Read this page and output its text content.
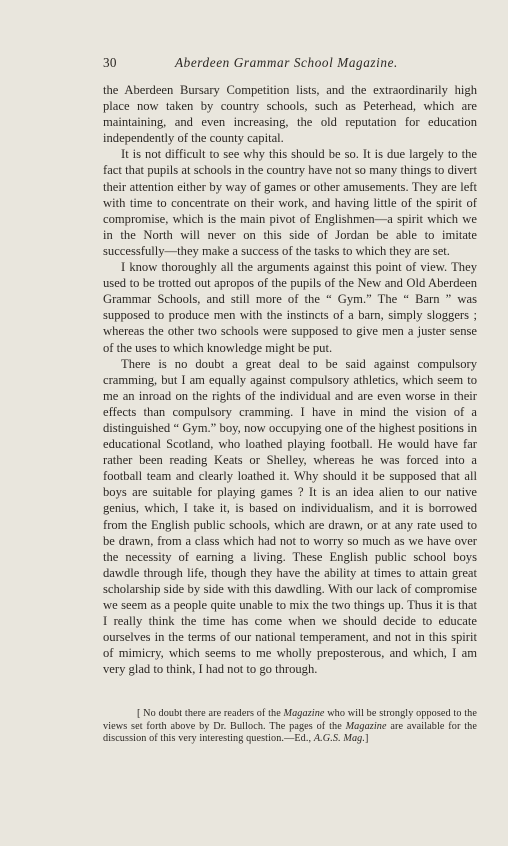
30	Aberdeen Grammar School Magazine.

the Aberdeen Bursary Competition lists, and the extraordinarily high place now taken by country schools, such as Peterhead, which are maintaining, and even increasing, the old reputation for education independently of the county capital.

It is not difficult to see why this should be so. It is due largely to the fact that pupils at schools in the country have not so many things to divert their attention either by way of games or other amusements. They are left with time to concentrate on their work, and having little of the spirit of compromise, which is the main pivot of Englishmen—a spirit which we in the North will never on this side of Jordan be able to imitate successfully—they make a success of the tasks to which they are set.

I know thoroughly all the arguments against this point of view. They used to be trotted out apropos of the pupils of the New and Old Aberdeen Grammar Schools, and still more of the “ Gym.” The “ Barn ” was supposed to produce men with the instincts of a barn, simply sloggers ; whereas the other two schools were supposed to give men a juster sense of the uses to which knowledge might be put.

There is no doubt a great deal to be said against compulsory cramming, but I am equally against compulsory athletics, which seem to me an inroad on the rights of the individual and are even worse in their effects than compulsory cramming. I have in mind the vision of a distinguished “ Gym.” boy, now occupying one of the highest positions in educational Scotland, who loathed playing football. He would have far rather been reading Keats or Shelley, whereas he was forced into a football team and clearly loathed it. Why should it be supposed that all boys are suitable for playing games ? It is an idea alien to our native genius, which, I take it, is based on individualism, and it is borrowed from the English public schools, which are drawn, or at any rate used to be drawn, from a class which had not to worry so much as we have over the necessity of earning a living. These English public school boys dawdle through life, though they have the ability at times to attain great scholarship side by side with this dawdling. With our lack of compromise we seem as a people quite unable to mix the two things up. Thus it is that I really think the time has come when we should decide to educate ourselves in the terms of our national temperament, and not in this spirit of mimicry, which seems to me wholly preposterous, and which, I am very glad to think, I had not to go through.

[ No doubt there are readers of the Magazine who will be strongly opposed to the views set forth above by Dr. Bulloch. The pages of the Magazine are available for the discussion of this very interesting question.—Ed., A.G.S. Mag.]
